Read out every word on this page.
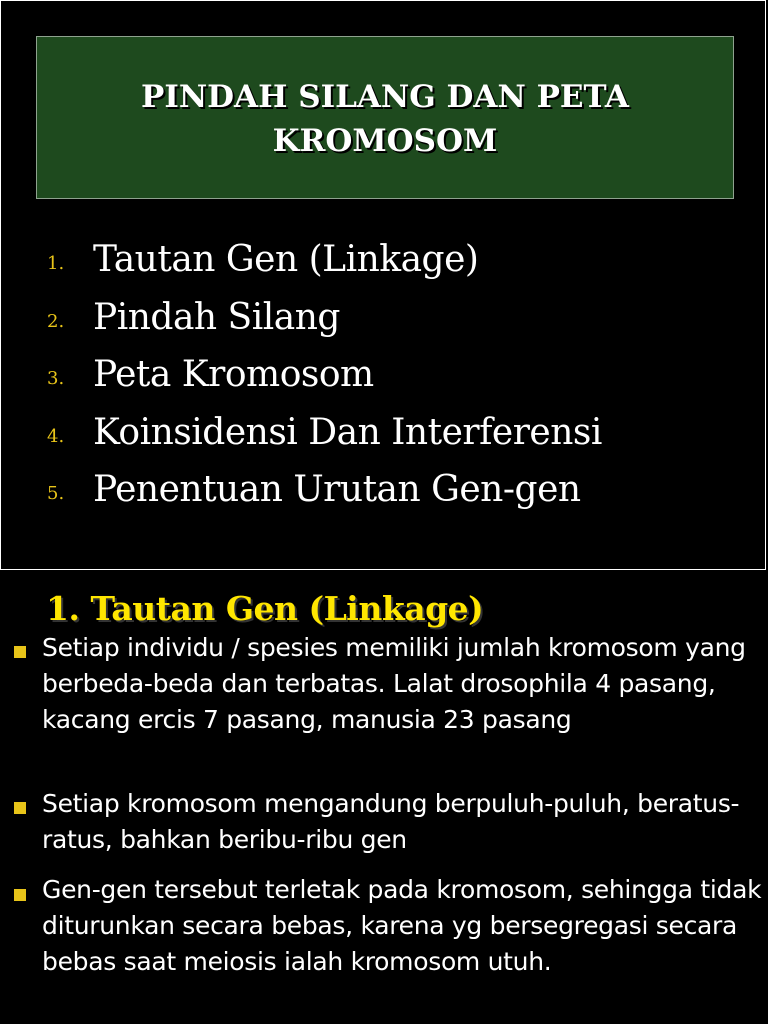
PINDAH SILANG DAN PETA
KROMOSOM
1. Tautan Gen (Linkage)
2. Pindah Silang
3. Peta Kromosom
4. Koinsidensi Dan Interferensi
5. Penentuan Urutan Gen-gen
1. Tautan Gen (Linkage)
Setiap individu / spesies memiliki jumlah kromosom yang berbeda-beda dan terbatas. Lalat drosophila 4 pasang, kacang ercis 7 pasang, manusia 23 pasang
Setiap kromosom mengandung berpuluh-puluh, beratus-ratus, bahkan beribu-ribu gen
Gen-gen tersebut terletak pada kromosom, sehingga tidak diturunkan secara bebas, karena yg bersegregasi secara bebas saat meiosis ialah kromosom utuh.
